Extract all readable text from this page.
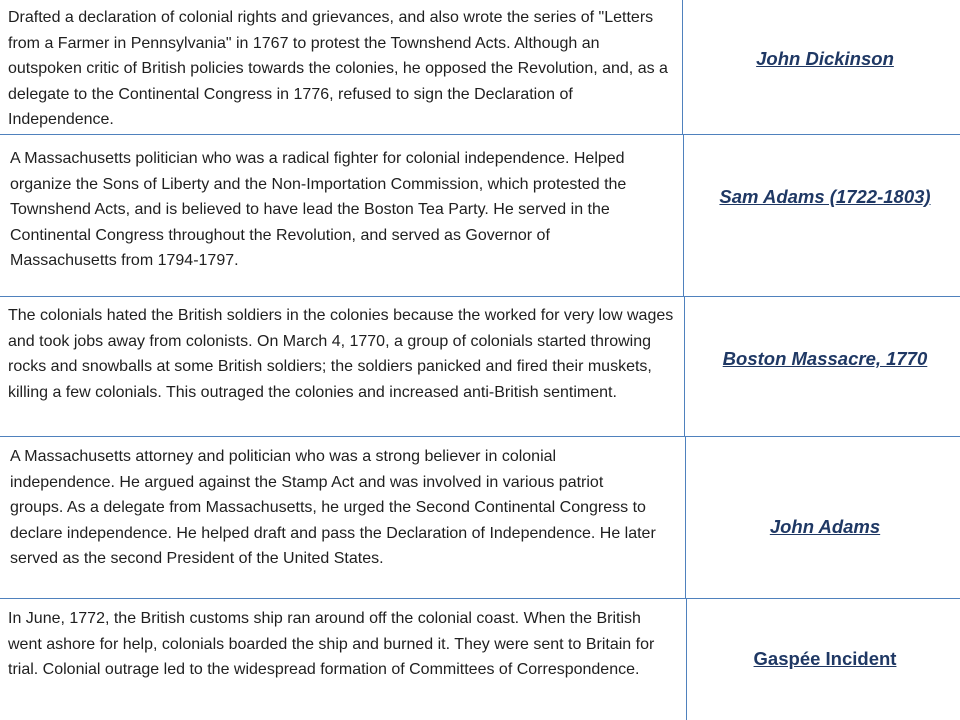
Drafted a declaration of colonial rights and grievances, and also wrote the series of "Letters from a Farmer in Pennsylvania" in 1767 to protest the Townshend Acts. Although an outspoken critic of British policies towards the colonies, he opposed the Revolution, and, as a delegate to the Continental Congress in 1776, refused to sign the Declaration of Independence.
John Dickinson
A Massachusetts politician who was a radical fighter for colonial independence. Helped organize the Sons of Liberty and the Non-Importation Commission, which protested the Townshend Acts, and is believed to have lead the Boston Tea Party. He served in the Continental Congress throughout the Revolution, and served as Governor of Massachusetts from 1794-1797.
Sam Adams (1722-1803)
The colonials hated the British soldiers in the colonies because the worked for very low wages and took jobs away from colonists. On March 4, 1770, a group of colonials started throwing rocks and snowballs at some British soldiers; the soldiers panicked and fired their muskets, killing a few colonials. This outraged the colonies and increased anti-British sentiment.
Boston Massacre, 1770
A Massachusetts attorney and politician who was a strong believer in colonial independence. He argued against the Stamp Act and was involved in various patriot groups. As a delegate from Massachusetts, he urged the Second Continental Congress to declare independence. He helped draft and pass the Declaration of Independence. He later served as the second President of the United States.
John Adams
In June, 1772, the British customs ship ran around off the colonial coast. When the British went ashore for help, colonials boarded the ship and burned it. They were sent to Britain for trial. Colonial outrage led to the widespread formation of Committees of Correspondence.
Gaspée Incident
